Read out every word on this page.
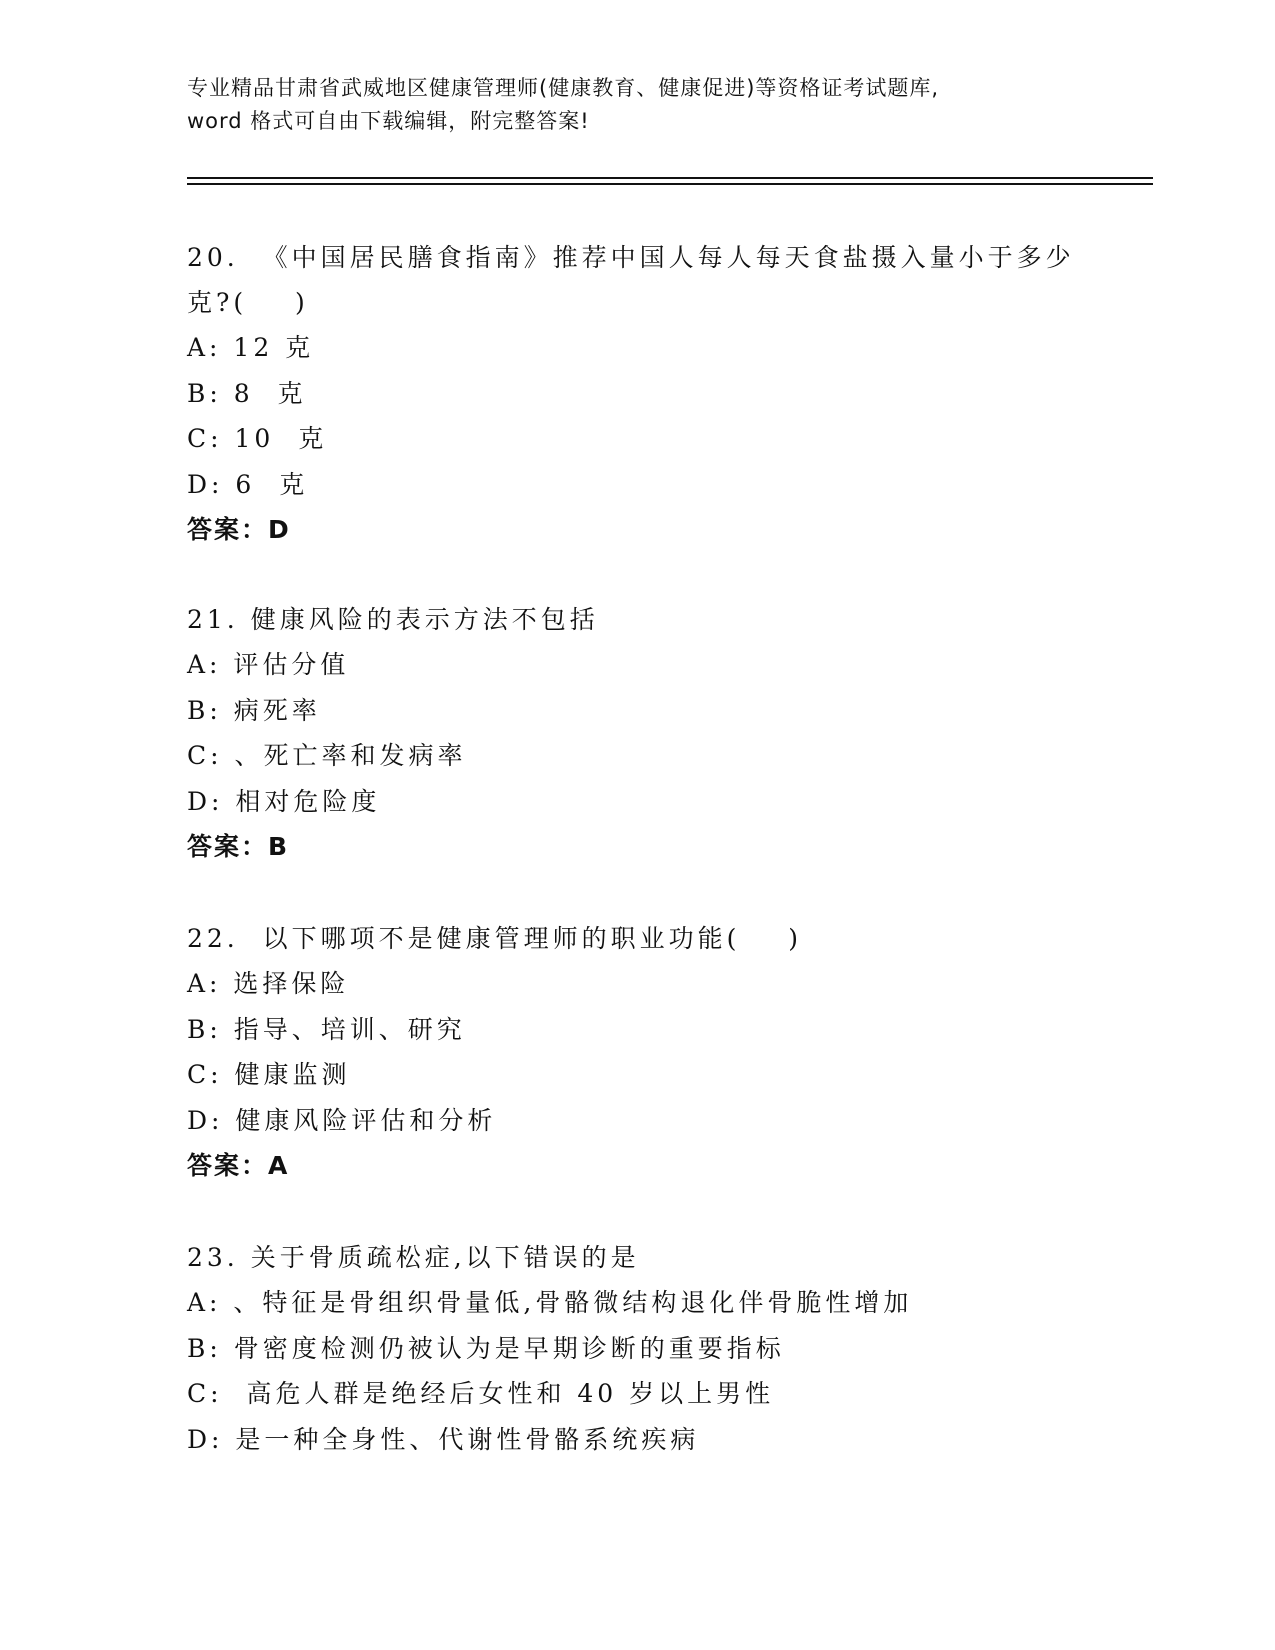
专业精品甘肃省武威地区健康管理师(健康教育、健康促进)等资格证考试题库,
word 格式可自由下载编辑，附完整答案!
20.  《中国居民膳食指南》推荐中国人每人每天食盐摄入量小于多少
克?(    )
A: 12 克
B: 8  克
C: 10  克
D: 6  克
答案：D
21. 健康风险的表示方法不包括
A: 评估分值
B: 病死率
C: 、死亡率和发病率
D: 相对危险度
答案：B
22.  以下哪项不是健康管理师的职业功能(    )
A: 选择保险
B: 指导、培训、研究
C: 健康监测
D: 健康风险评估和分析
答案：A
23. 关于骨质疏松症,以下错误的是
A: 、特征是骨组织骨量低,骨骼微结构退化伴骨脆性增加
B: 骨密度检测仍被认为是早期诊断的重要指标
C:  高危人群是绝经后女性和 40 岁以上男性
D: 是一种全身性、代谢性骨骼系统疾病
